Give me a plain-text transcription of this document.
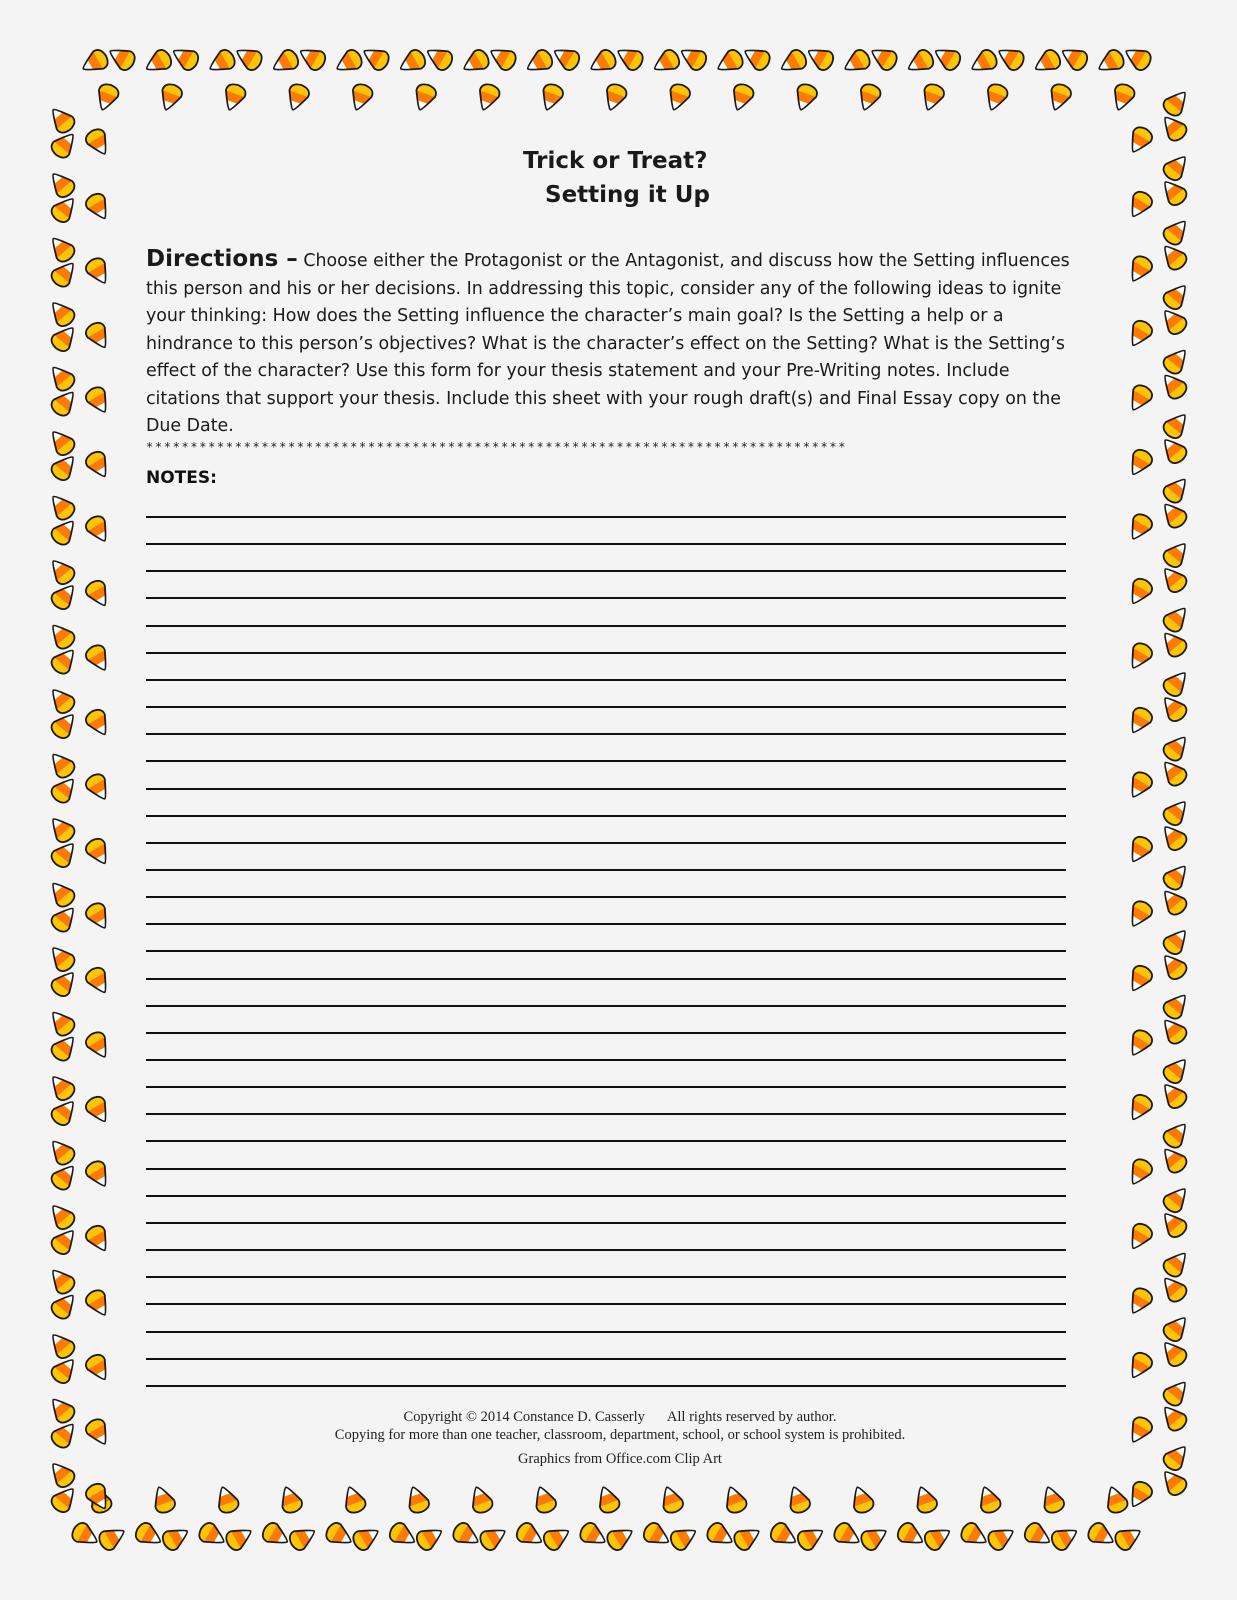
Trick or Treat?
Setting it Up
Directions – Choose either the Protagonist or the Antagonist, and discuss how the Setting influences this person and his or her decisions. In addressing this topic, consider any of the following ideas to ignite your thinking: How does the Setting influence the character’s main goal? Is the Setting a help or a hindrance to this person’s objectives? What is the character’s effect on the Setting? What is the Setting’s effect of the character? Use this form for your thesis statement and your Pre-Writing notes. Include citations that support your thesis. Include this sheet with your rough draft(s) and Final Essay copy on the Due Date.
*******************************************************************************
NOTES:
Copyright © 2014 Constance D. Casserly All rights reserved by author.
Copying for more than one teacher, classroom, department, school, or school system is prohibited.
Graphics from Office.com Clip Art
